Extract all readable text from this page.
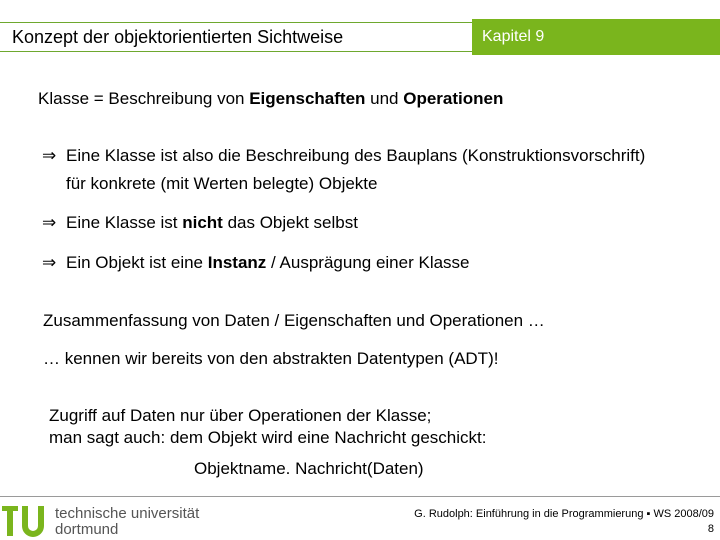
Konzept der objektorientierten Sichtweise	Kapitel 9
Klasse = Beschreibung von Eigenschaften und Operationen
⇒ Eine Klasse ist also die Beschreibung des Bauplans (Konstruktionsvorschrift)
für konkrete (mit Werten belegte) Objekte
⇒ Eine Klasse ist nicht das Objekt selbst
⇒ Ein Objekt ist eine Instanz / Ausprägung einer Klasse
Zusammenfassung von Daten / Eigenschaften und Operationen …
… kennen wir bereits von den abstrakten Datentypen (ADT)!
Zugriff auf Daten nur über Operationen der Klasse;
man sagt auch: dem Objekt wird eine Nachricht geschickt:
Objektname. Nachricht(Daten)
technische universität
dortmund
G. Rudolph: Einführung in die Programmierung ▪ WS 2008/09
8
